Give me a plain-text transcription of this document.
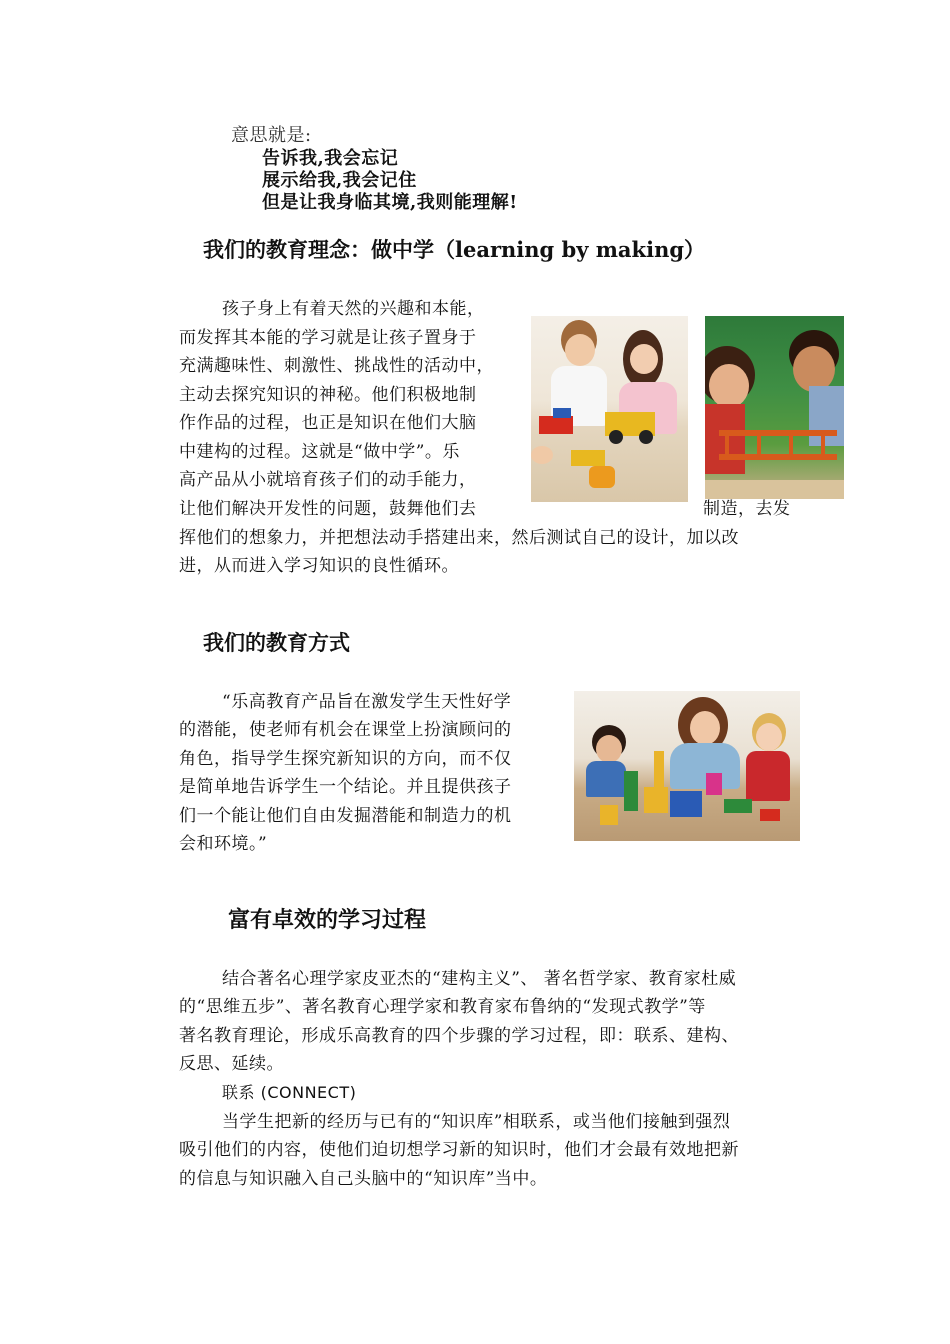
意思就是:
告诉我,我会忘记
展示给我,我会记住
但是让我身临其境,我则能理解!
我们的教育理念：做中学（learning by making）
孩子身上有着天然的兴趣和本能，
而发挥其本能的学习就是让孩子置身于
充满趣味性、刺激性、挑战性的活动中，
主动去探究知识的神秘。他们积极地制
作作品的过程，也正是知识在他们大脑
中建构的过程。这就是“做中学”。乐
高产品从小就培育孩子们的动手能力，
让他们解决开发性的问题，鼓舞他们去	制造，去发
挥他们的想象力，并把想法动手搭建出来，然后测试自己的设计，加以改
进，从而进入学习知识的良性循环。
我们的教育方式
“乐高教育产品旨在激发学生天性好学
的潜能，使老师有机会在课堂上扮演顾问的
角色，指导学生探究新知识的方向，而不仅
是简单地告诉学生一个结论。并且提供孩子
们一个能让他们自由发掘潜能和制造力的机
会和环境。”
富有卓效的学习过程
结合著名心理学家皮亚杰的“建构主义”、 著名哲学家、教育家杜威
的“思维五步”、著名教育心理学家和教育家布鲁纳的“发现式教学”等
著名教育理论，形成乐高教育的四个步骤的学习过程，即：联系、建构、
反思、延续。
联系 (CONNECT)
当学生把新的经历与已有的“知识库”相联系，或当他们接触到强烈
吸引他们的内容，使他们迫切想学习新的知识时，他们才会最有效地把新
的信息与知识融入自己头脑中的“知识库”当中。
